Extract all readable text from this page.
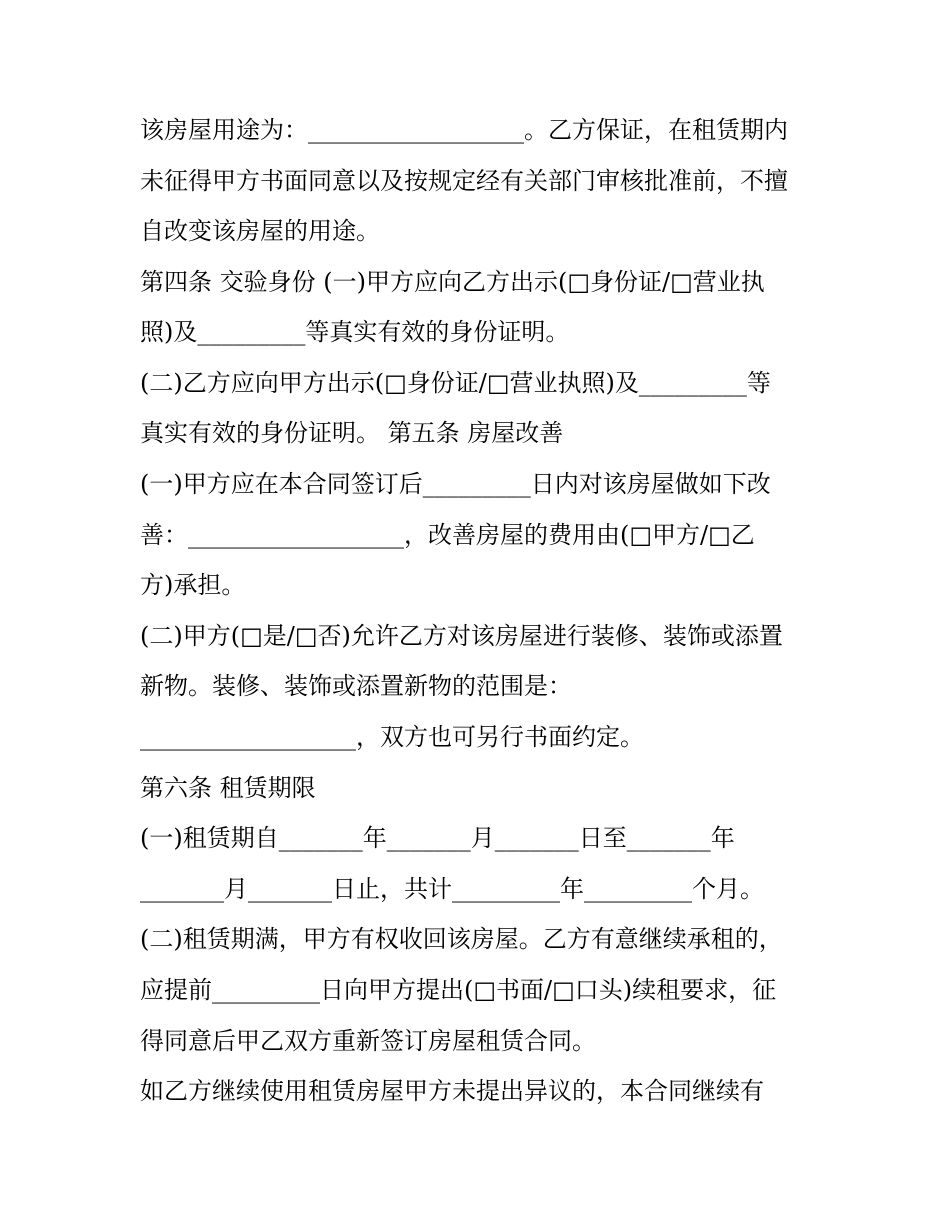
该房屋用途为：__________________。乙方保证，在租赁期内
未征得甲方书面同意以及按规定经有关部门审核批准前，不擅
自改变该房屋的用途。
第四条 交验身份 (一)甲方应向乙方出示(□身份证/□营业执
照)及_________等真实有效的身份证明。
(二)乙方应向甲方出示(□身份证/□营业执照)及_________等
真实有效的身份证明。 第五条 房屋改善
(一)甲方应在本合同签订后_________日内对该房屋做如下改
善：__________________，改善房屋的费用由(□甲方/□乙
方)承担。
(二)甲方(□是/□否)允许乙方对该房屋进行装修、装饰或添置
新物。装修、装饰或添置新物的范围是：
__________________，双方也可另行书面约定。
第六条 租赁期限
(一)租赁期自_______年_______月_______日至_______年
_______月_______日止，共计_________年_________个月。
(二)租赁期满，甲方有权收回该房屋。乙方有意继续承租的，
应提前_________日向甲方提出(□书面/□口头)续租要求，征
得同意后甲乙双方重新签订房屋租赁合同。
如乙方继续使用租赁房屋甲方未提出异议的，本合同继续有
